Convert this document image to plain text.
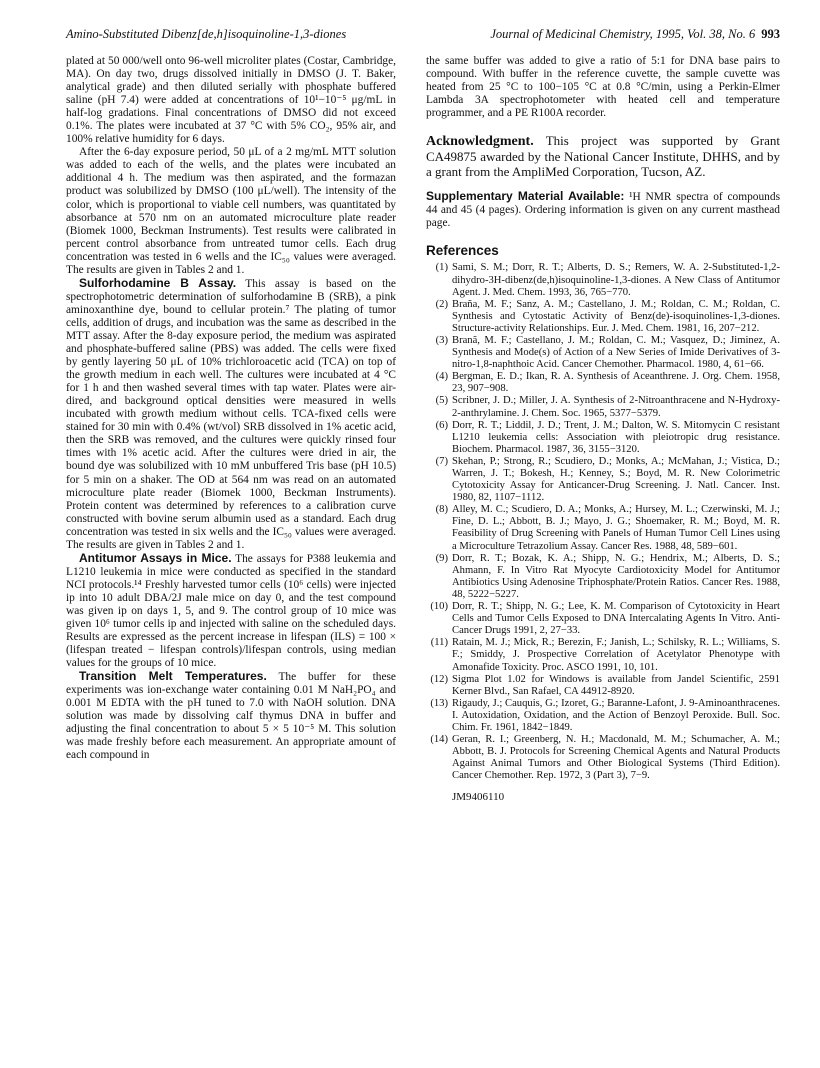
Amino-Substituted Dibenz[de,h]isoquinoline-1,3-diones	Journal of Medicinal Chemistry, 1995, Vol. 38, No. 6 993

plated at 50 000/well onto 96-well microliter plates (Costar, Cambridge, MA). On day two, drugs dissolved initially in DMSO (J. T. Baker, analytical grade) and then diluted serially with phosphate buffered saline (pH 7.4) were added at concentrations of 10¹−10⁻⁵ μg/mL in half-log gradations. Final concentrations of DMSO did not exceed 0.1%. The plates were incubated at 37 °C with 5% CO₂, 95% air, and 100% relative humidity for 6 days.

After the 6-day exposure period, 50 μL of a 2 mg/mL MTT solution was added to each of the wells, and the plates were incubated an additional 4 h. The medium was then aspirated, and the formazan product was solubilized by DMSO (100 μL/well). The intensity of the color, which is proportional to viable cell numbers, was quantitated by absorbance at 570 nm on an automated microculture plate reader (Biomek 1000, Beckman Instruments). Test results were calibrated in percent control absorbance from untreated tumor cells. Each drug concentration was tested in 6 wells and the IC₅₀ values were averaged. The results are given in Tables 2 and 1.

Sulforhodamine B Assay. This assay is based on the spectrophotometric determination of sulforhodamine B (SRB), a pink aminoxanthine dye, bound to cellular protein.⁷ The plating of tumor cells, addition of drugs, and incubation was the same as described in the MTT assay. After the 8-day exposure period, the medium was aspirated and phosphate-buffered saline (PBS) was added. The cells were fixed by gently layering 50 μL of 10% trichloroacetic acid (TCA) on top of the growth medium in each well. The cultures were incubated at 4 °C for 1 h and then washed several times with tap water. Plates were air-dired, and background optical densities were measured in wells incubated with growth medium without cells. TCA-fixed cells were stained for 30 min with 0.4% (wt/vol) SRB dissolved in 1% acetic acid, then the SRB was removed, and the cultures were quickly rinsed four times with 1% acetic acid. After the cultures were dried in air, the bound dye was solubilized with 10 mM unbuffered Tris base (pH 10.5) for 5 min on a shaker. The OD at 564 nm was read on an automated microculture plate reader (Biomek 1000, Beckman Instruments). Protein content was determined by references to a calibration curve constructed with bovine serum albumin used as a standard. Each drug concentration was tested in six wells and the IC₅₀ values were averaged. The results are given in Tables 2 and 1.

Antitumor Assays in Mice. The assays for P388 leukemia and L1210 leukemia in mice were conducted as specified in the standard NCI protocols.¹⁴ Freshly harvested tumor cells (10⁶ cells) were injected ip into 10 adult DBA/2J male mice on day 0, and the test compound was given ip on days 1, 5, and 9. The control group of 10 mice was given 10⁶ tumor cells ip and injected with saline on the scheduled days. Results are expressed as the percent increase in lifespan (ILS) = 100 × (lifespan treated − lifespan controls)/lifespan controls, using median values for the groups of 10 mice.

Transition Melt Temperatures. The buffer for these experiments was ion-exchange water containing 0.01 M NaH₂PO₄ and 0.001 M EDTA with the pH tuned to 7.0 with NaOH solution. DNA solution was made by dissolving calf thymus DNA in buffer and adjusting the final concentration to about 5 × 5 10⁻⁵ M. This solution was made freshly before each measurement. An appropriate amount of each compound in

the same buffer was added to give a ratio of 5:1 for DNA base pairs to compound. With buffer in the reference cuvette, the sample cuvette was heated from 25 °C to 100−105 °C at 0.8 °C/min, using a Perkin-Elmer Lambda 3A spectrophotometer with heated cell and temperature programmer, and a PE R100A recorder.

Acknowledgment. This project was supported by Grant CA49875 awarded by the National Cancer Institute, DHHS, and by a grant from the AmpliMed Corporation, Tucson, AZ.

Supplementary Material Available: ¹H NMR spectra of compounds 44 and 45 (4 pages). Ordering information is given on any current masthead page.

References
(1) Sami, S. M.; Dorr, R. T.; Alberts, D. S.; Remers, W. A. 2-Substituted-1,2-dihydro-3H-dibenz(de,h)isoquinoline-1,3-diones. A New Class of Antitumor Agent. J. Med. Chem. 1993, 36, 765−770.
(2) Braña, M. F.; Sanz, A. M.; Castellano, J. M.; Roldan, C. M.; Roldan, C. Synthesis and Cytostatic Activity of Benz(de)-isoquinolines-1,3-diones. Structure-activity Relationships. Eur. J. Med. Chem. 1981, 16, 207−212.
(3) Branã, M. F.; Castellano, J. M.; Roldan, C. M.; Vasquez, D.; Jiminez, A. Synthesis and Mode(s) of Action of a New Series of Imide Derivatives of 3-nitro-1,8-naphthoic Acid. Cancer Chemother. Pharmacol. 1980, 4, 61−66.
(4) Bergman, E. D.; Ikan, R. A. Synthesis of Aceanthrene. J. Org. Chem. 1958, 23, 907−908.
(5) Scribner, J. D.; Miller, J. A. Synthesis of 2-Nitroanthracene and N-Hydroxy-2-anthrylamine. J. Chem. Soc. 1965, 5377−5379.
(6) Dorr, R. T.; Liddil, J. D.; Trent, J. M.; Dalton, W. S. Mitomycin C resistant L1210 leukemia cells: Association with pleiotropic drug resistance. Biochem. Pharmacol. 1987, 36, 3155−3120.
(7) Skehan, P.; Strong, R.; Scudiero, D.; Monks, A.; McMahan, J.; Vistica, D.; Warren, J. T.; Bokesh, H.; Kenney, S.; Boyd, M. R. New Colorimetric Cytotoxicity Assay for Anticancer-Drug Screening. J. Natl. Cancer. Inst. 1980, 82, 1107−1112.
(8) Alley, M. C.; Scudiero, D. A.; Monks, A.; Hursey, M. L.; Czerwinski, M. J.; Fine, D. L.; Abbott, B. J.; Mayo, J. G.; Shoemaker, R. M.; Boyd, M. R. Feasibility of Drug Screening with Panels of Human Tumor Cell Lines using a Microculture Tetrazolium Assay. Cancer Res. 1988, 48, 589−601.
(9) Dorr, R. T.; Bozak, K. A.; Shipp, N. G.; Hendrix, M.; Alberts, D. S.; Ahmann, F. In Vitro Rat Myocyte Cardiotoxicity Model for Antitumor Antibiotics Using Adenosine Triphosphate/Protein Ratios. Cancer Res. 1988, 48, 5222−5227.
(10) Dorr, R. T.; Shipp, N. G.; Lee, K. M. Comparison of Cytotoxicity in Heart Cells and Tumor Cells Exposed to DNA Intercalating Agents In Vitro. Anti-Cancer Drugs 1991, 2, 27−33.
(11) Ratain, M. J.; Mick, R.; Berezin, F.; Janish, L.; Schilsky, R. L.; Williams, S. F.; Smiddy, J. Prospective Correlation of Acetylator Phenotype with Amonafide Toxicity. Proc. ASCO 1991, 10, 101.
(12) Sigma Plot 1.02 for Windows is available from Jandel Scientific, 2591 Kerner Blvd., San Rafael, CA 44912-8920.
(13) Rigaudy, J.; Cauquis, G.; Izoret, G.; Baranne-Lafont, J. 9-Aminoanthracenes. I. Autoxidation, Oxidation, and the Action of Benzoyl Peroxide. Bull. Soc. Chim. Fr. 1961, 1842−1849.
(14) Geran, R. I.; Greenberg, N. H.; Macdonald, M. M.; Schumacher, A. M.; Abbott, B. J. Protocols for Screening Chemical Agents and Natural Products Against Animal Tumors and Other Biological Systems (Third Edition). Cancer Chemother. Rep. 1972, 3 (Part 3), 7−9.
JM9406110
